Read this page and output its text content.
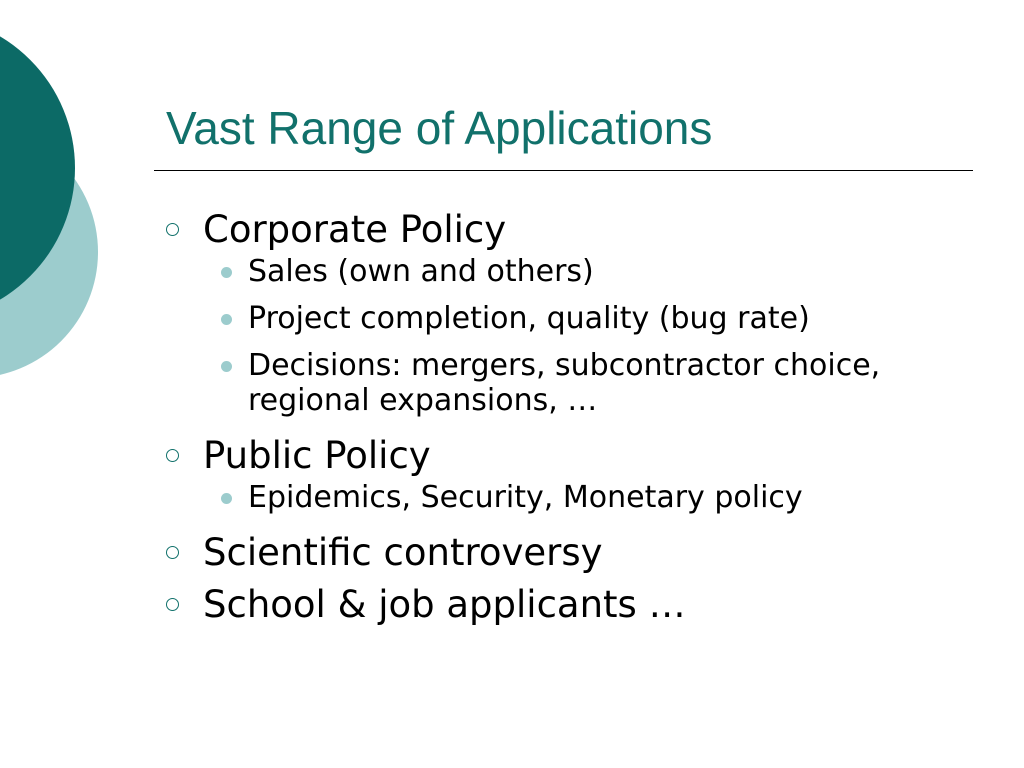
Vast Range of Applications
Corporate Policy
Sales (own and others)
Project completion, quality (bug rate)
Decisions: mergers, subcontractor choice, regional expansions, …
Public Policy
Epidemics, Security, Monetary policy
Scientific controversy
School & job applicants …
